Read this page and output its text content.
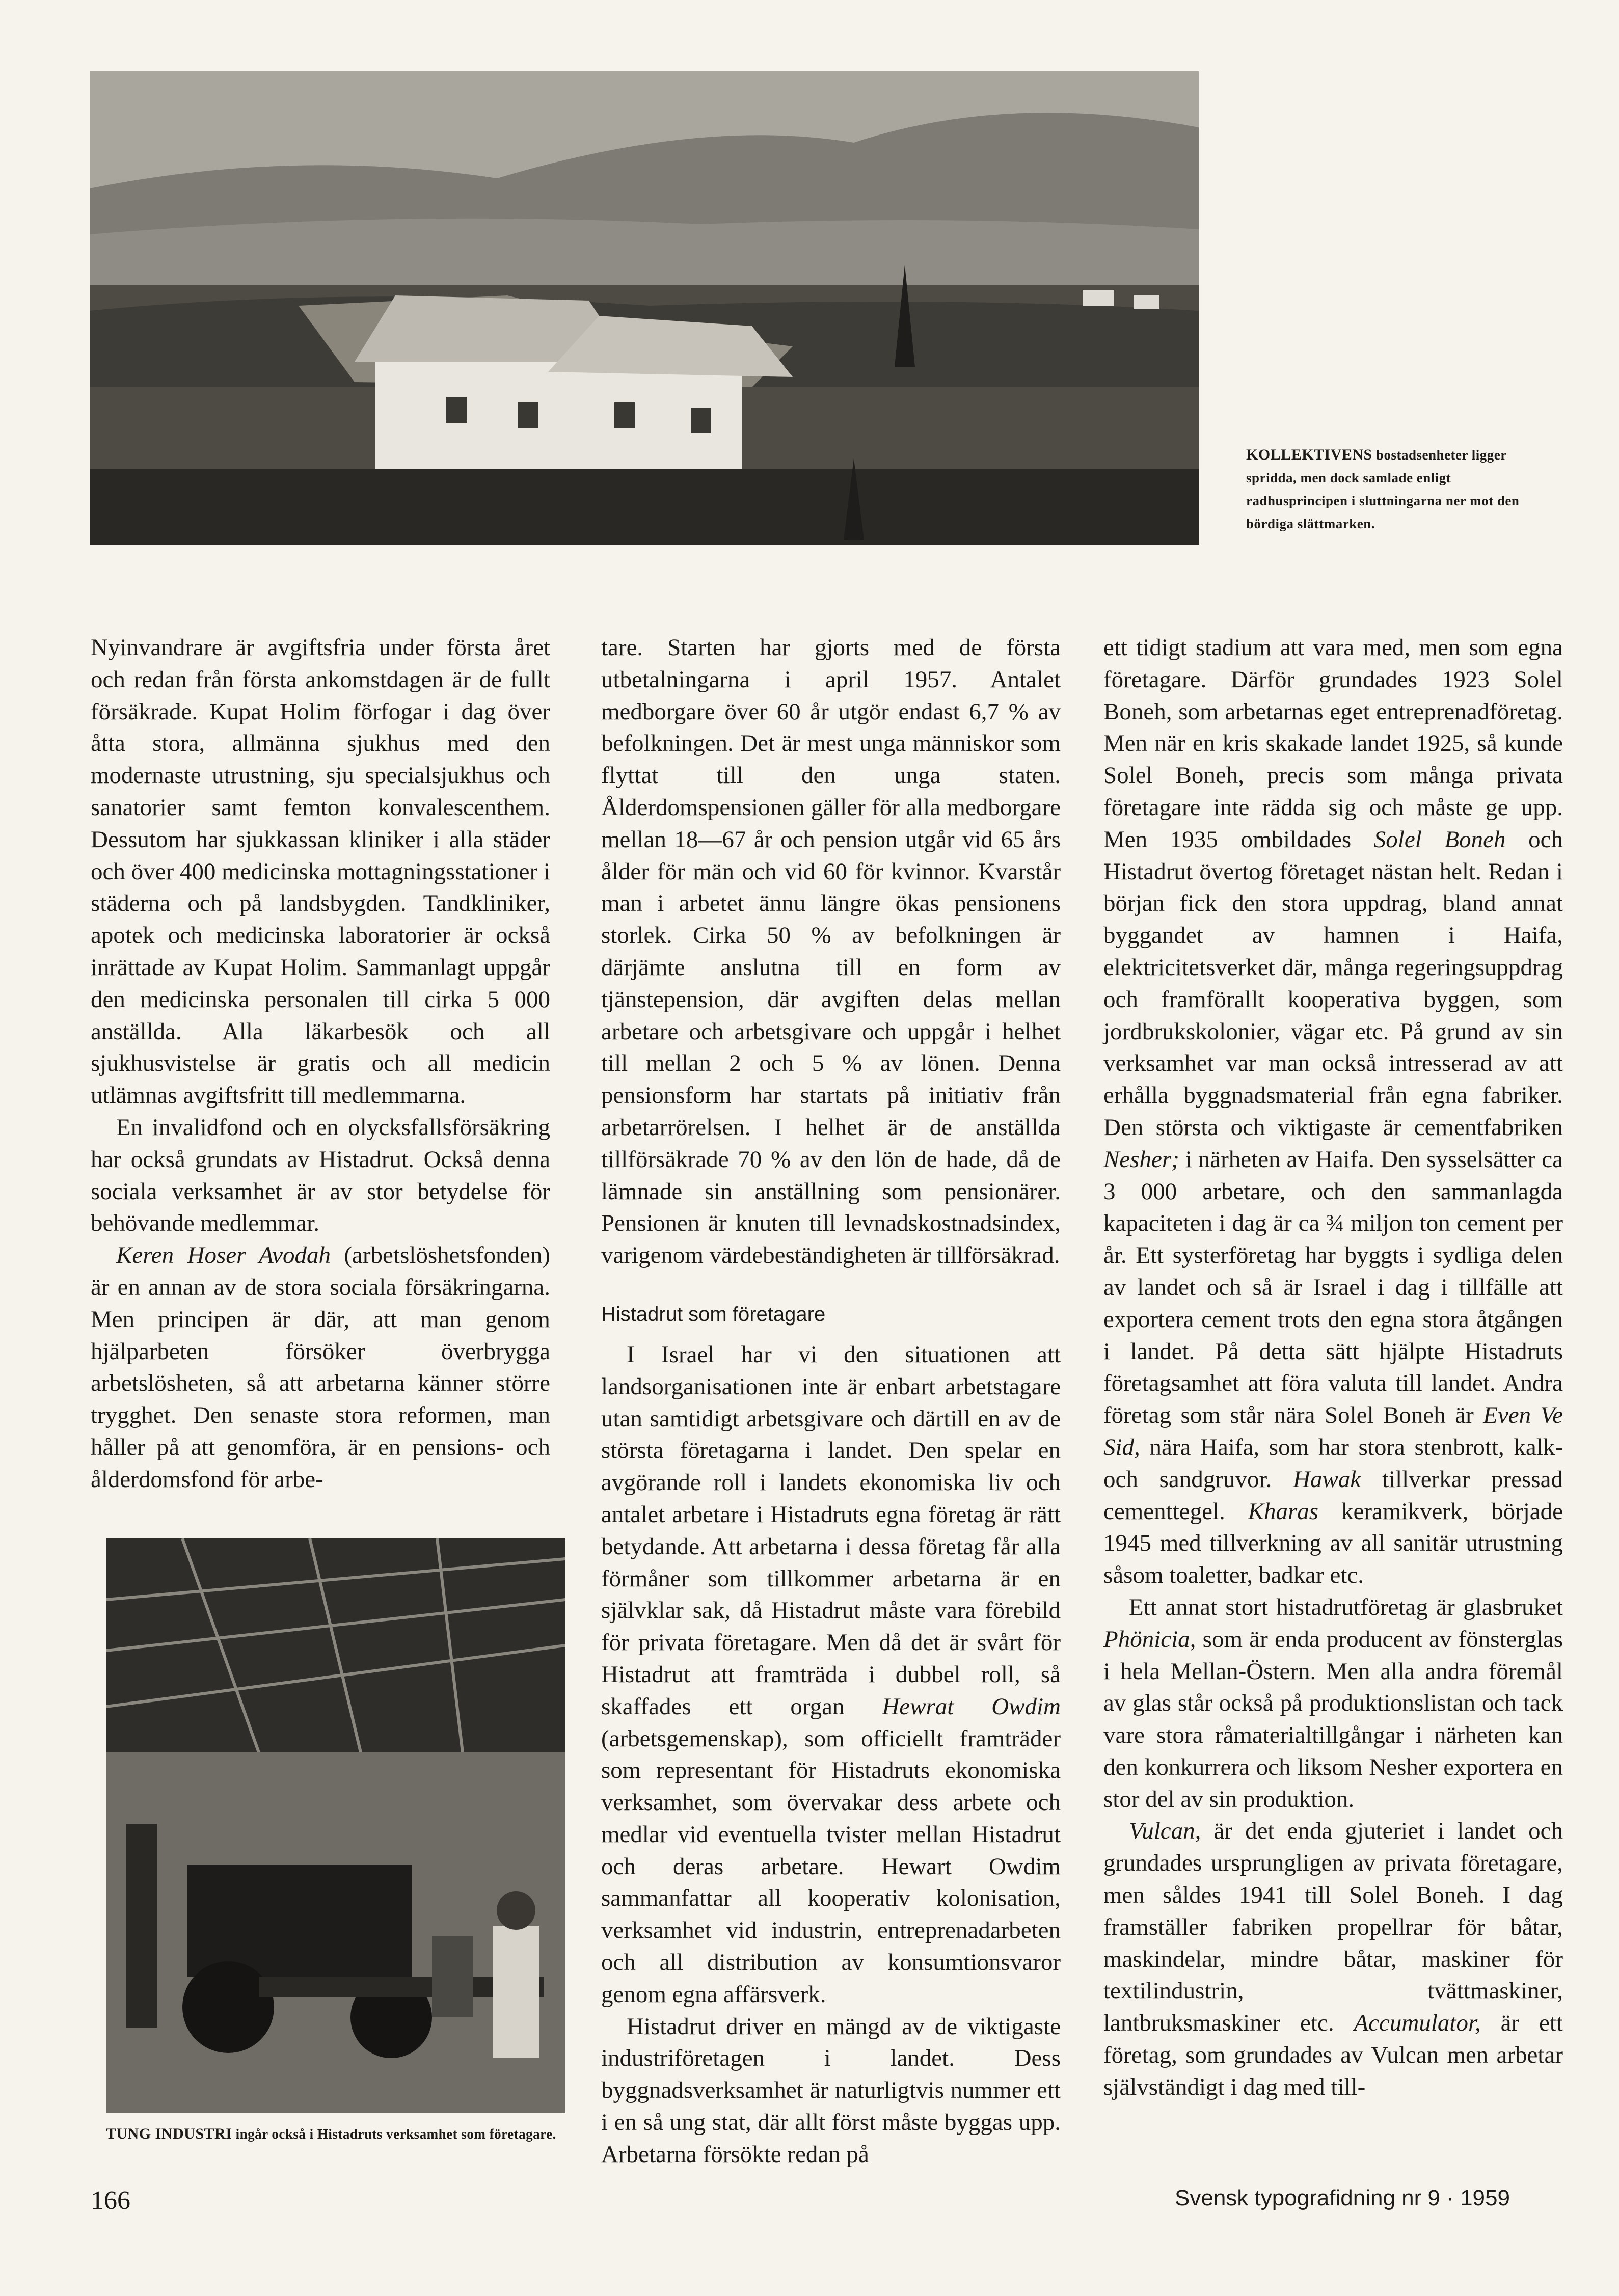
KOLLEKTIVENS bostadsenheter ligger spridda, men dock samlade enligt radhusprincipen i sluttningarna ner mot den bördiga slättmarken.
TUNG INDUSTRI ingår också i Histadruts verksamhet som företagare.

Nyinvandrare är avgiftsfria under första året och redan från första ankomstdagen är de fullt försäkrade. Kupat Holim förfogar i dag över åtta stora, allmänna sjukhus med den modernaste utrustning, sju specialsjukhus och sanatorier samt femton konvalescenthem. Dessutom har sjukkassan kliniker i alla städer och över 400 medicinska mottagningsstationer i städerna och på landsbygden. Tandkliniker, apotek och medicinska laboratorier är också inrättade av Kupat Holim. Sammanlagt uppgår den medicinska personalen till cirka 5 000 anställda. Alla läkarbesök och all sjukhusvistelse är gratis och all medicin utlämnas avgiftsfritt till medlemmarna.

En invalidfond och en olycksfallsförsäkring har också grundats av Histadrut. Också denna sociala verksamhet är av stor betydelse för behövande medlemmar.

Keren Hoser Avodah (arbetslöshetsfonden) är en annan av de stora sociala försäkringarna. Men principen är där, att man genom hjälparbeten försöker överbrygga arbetslösheten, så att arbetarna känner större trygghet. Den senaste stora reformen, man håller på att genomföra, är en pensions- och ålderdomsfond för arbe-

tare. Starten har gjorts med de första utbetalningarna i april 1957. Antalet medborgare över 60 år utgör endast 6,7 % av befolkningen. Det är mest unga människor som flyttat till den unga staten. Ålderdomspensionen gäller för alla medborgare mellan 18—67 år och pension utgår vid 65 års ålder för män och vid 60 för kvinnor. Kvarstår man i arbetet ännu längre ökas pensionens storlek. Cirka 50 % av befolkningen är därjämte anslutna till en form av tjänstepension, där avgiften delas mellan arbetare och arbetsgivare och uppgår i helhet till mellan 2 och 5 % av lönen. Denna pensionsform har startats på initiativ från arbetarrörelsen. I helhet är de anställda tillförsäkrade 70 % av den lön de hade, då de lämnade sin anställning som pensionärer. Pensionen är knuten till levnadskostnadsindex, varigenom värdebeständigheten är tillförsäkrad.

Histadrut som företagare

I Israel har vi den situationen att landsorganisationen inte är enbart arbetstagare utan samtidigt arbetsgivare och därtill en av de största företagarna i landet. Den spelar en avgörande roll i landets ekonomiska liv och antalet arbetare i Histadruts egna företag är rätt betydande. Att arbetarna i dessa företag får alla förmåner som tillkommer arbetarna är en självklar sak, då Histadrut måste vara förebild för privata företagare. Men då det är svårt för Histadrut att framträda i dubbel roll, så skaffades ett organ Hewrat Owdim (arbetsgemenskap), som officiellt framträder som representant för Histadruts ekonomiska verksamhet, som övervakar dess arbete och medlar vid eventuella tvister mellan Histadrut och deras arbetare. Hewart Owdim sammanfattar all kooperativ kolonisation, verksamhet vid industrin, entreprenadarbeten och all distribution av konsumtionsvaror genom egna affärsverk.

Histadrut driver en mängd av de viktigaste industriföretagen i landet. Dess byggnadsverksamhet är naturligtvis nummer ett i en så ung stat, där allt först måste byggas upp. Arbetarna försökte redan på

ett tidigt stadium att vara med, men som egna företagare. Därför grundades 1923 Solel Boneh, som arbetarnas eget entreprenadföretag. Men när en kris skakade landet 1925, så kunde Solel Boneh, precis som många privata företagare inte rädda sig och måste ge upp. Men 1935 ombildades Solel Boneh och Histadrut övertog företaget nästan helt. Redan i början fick den stora uppdrag, bland annat byggandet av hamnen i Haifa, elektricitetsverket där, många regeringsuppdrag och framförallt kooperativa byggen, som jordbrukskolonier, vägar etc. På grund av sin verksamhet var man också intresserad av att erhålla byggnadsmaterial från egna fabriker. Den största och viktigaste är cementfabriken Nesher; i närheten av Haifa. Den sysselsätter ca 3 000 arbetare, och den sammanlagda kapaciteten i dag är ca ¾ miljon ton cement per år. Ett systerföretag har byggts i sydliga delen av landet och så är Israel i dag i tillfälle att exportera cement trots den egna stora åtgången i landet. På detta sätt hjälpte Histadruts företagsamhet att föra valuta till landet. Andra företag som står nära Solel Boneh är Even Ve Sid, nära Haifa, som har stora stenbrott, kalk- och sandgruvor. Hawak tillverkar pressad cementtegel. Kharas keramikverk, började 1945 med tillverkning av all sanitär utrustning såsom toaletter, badkar etc.

Ett annat stort histadrutföretag är glasbruket Phönicia, som är enda producent av fönsterglas i hela Mellan-Östern. Men alla andra föremål av glas står också på produktionslistan och tack vare stora råmaterialtillgångar i närheten kan den konkurrera och liksom Nesher exportera en stor del av sin produktion.

Vulcan, är det enda gjuteriet i landet och grundades ursprungligen av privata företagare, men såldes 1941 till Solel Boneh. I dag framställer fabriken propellrar för båtar, maskindelar, mindre båtar, maskiner för textilindustrin, tvättmaskiner, lantbruksmaskiner etc. Accumulator, är ett företag, som grundades av Vulcan men arbetar självständigt i dag med till-

166	Svensk typografidning nr 9 · 1959
